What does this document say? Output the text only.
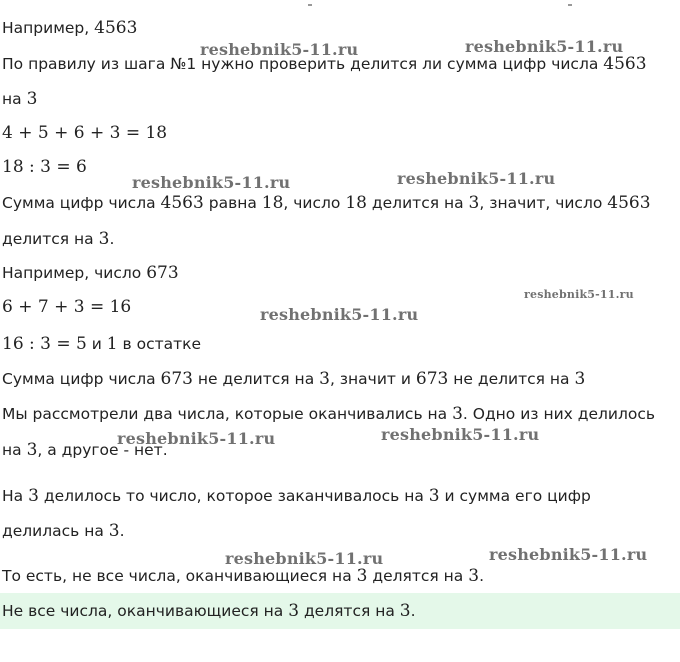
Например, 4563
По правилу из шага №1 нужно проверить делится ли сумма цифр числа 4563
на 3
4 + 5 + 6 + 3 = 18
18 : 3 = 6
Сумма цифр числа 4563 равна 18, число 18 делится на 3, значит, число 4563
делится на 3.
Например, число 673
6 + 7 + 3 = 16
16 : 3 = 5 и 1 в остатке
Сумма цифр числа 673 не делится на 3, значит и 673 не делится на 3
Мы рассмотрели два числа, которые оканчивались на 3. Одно из них делилось
на 3, а другое - нет.
На 3 делилось то число, которое заканчивалось на 3 и сумма его цифр
делилась на 3.
То есть, не все числа, оканчивающиеся на 3 делятся на 3.
Не все числа, оканчивающиеся на 3 делятся на 3.
reshebnik5-11.ru	reshebnik5-11.ru
reshebnik5-11.ru	reshebnik5-11.ru
reshebnik5-11.ru
reshebnik5-11.ru
reshebnik5-11.ru	reshebnik5-11.ru
reshebnik5-11.ru	reshebnik5-11.ru
